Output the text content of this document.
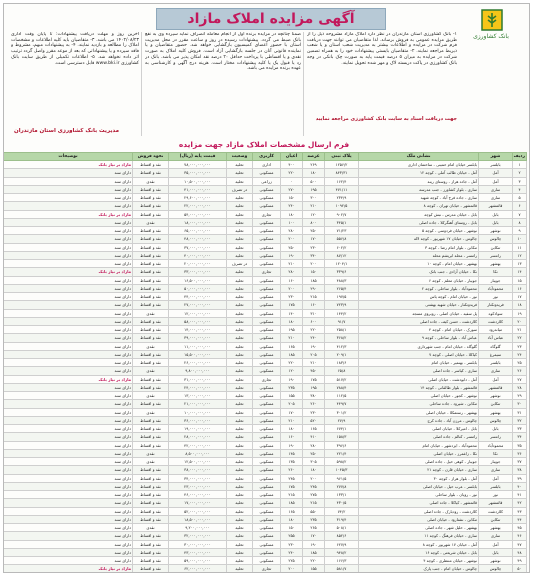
بانک کشاورزی
آگهی مزایده املاک مازاد
۱- بانک کشاورزی استان مازندران در نظر دارد املاک مازاد مشروحه ذیل را از طریق مزایده عمومی به فروش برساند. لذا متقاضیان می توانند جهت دریافت فرم شرکت در مزایده و اطلاعات بیشتر به مدیریت شعب استان و یا شعب ذیربط مراجعه نمایند. ۲- متقاضیان بایستی پیشنهادات خود را به همراه تضمین شرکت در مزایده به میزان ۵ درصد قیمت پایه به صورت چک بانکی در وجه بانک کشاورزی در پاکت دربسته لاک و مهر شده تحویل نمایند.
ضمنا چنانچه در مزایده برنده اول از انجام معامله انصراف نماید سپرده وی به نفع بانک ضبط می گردد. پیشنهادات رسیده در روز و ساعت مقرر در محل مدیریت استان با حضور اعضای کمیسیون بازگشایی خواهد شد. حضور متقاضیان و یا نماینده قانونی آنان در جلسه بازگشایی آزاد است. فروش کلیه املاک به صورت نقدی و یا اقساطی با پرداخت حداقل ۲۰ درصد نقد امکان پذیر می باشد. بانک در رد یا قبول یک یا کلیه پیشنهادات مختار است. هزینه درج آگهی و کارشناسی به عهده برنده مزایده می باشد.
آخرین روز و مهلت دریافت پیشنهادات: تا پایان وقت اداری ۱۴۰۲/۰۸/۲۳ می باشد. ۳- متقاضیان باید کلیه اطلاعات و مشخصات املاک را مطالعه و بازدید نمایند. ۴- به پیشنهادات مبهم، مشروط و فاقد سپرده و یا پیشنهاداتی که بعد از موعد مقرر واصل گردد ترتیب اثر داده نخواهد شد. ۵- اطلاعات تکمیلی از طریق سایت بانک کشاورزی www.bki.ir قابل دسترسی است.
مدیریت بانک کشاورزی استان مازندران
جهت دریافت اسناد به سایت بانک کشاورزی مراجعه نمایید
فرم ارسال مشخصات املاک مازاد جهت مزایده
ردیف	شهر	نشانی ملک	پلاک ثبتی	عرصه	اعیان	کاربری	وضعیت	قیمت پایه (ریال)	نحوه فروش	توضیحات
۱	بابلسر	بابلسر خیابان امام خمینی - ساختمان اداری	۱۲۵۶/۲	۲۶۹	۴۰۰	اداری	تخلیه	۷۸,۰۰۰,۰۰۰,۰۰۰	نقد و اقساط	مازاد بر نیاز بانک
۲	آمل	آمل - خیابان طالب آملی - کوچه ۱۲	۸۴۳/۳۱	۱۸۰	۲۲۰	مسکونی	تخلیه	۳۵,۰۰۰,۰۰۰,۰۰۰	نقد و اقساط	دارای سند
۳	آمل	آمل - جاده هراز - روستای رینه	۱۶۲/۴	۵۰۰	۰	زراعی	تخلیه	۱۰,۵۰۰,۰۰۰,۰۰۰	نقدی	دارای سند
۴	ساری	ساری - بلوار کشاورز - جنب مدرسه	۴۷۱/۱۱	۱۹۵	۲۷۰	مسکونی	در تصرف	۴۱,۰۰۰,۰۰۰,۰۰۰	نقد و اقساط	دارای سند
۵	ساری	ساری - جاده فرح آباد - کوچه شهید	۲۳۴/۹	۳۰۰	۱۵۰	مسکونی	تخلیه	۲۹,۶۰۰,۰۰۰,۰۰۰	نقد و اقساط	دارای سند
۶	قائمشهر	قائمشهر - خیابان تهران - کوچه ۸	۱۰۹۲/۵	۲۱۰	۲۴۰	مسکونی	تخلیه	۲۲,۰۰۰,۰۰۰,۰۰۰	نقد و اقساط	دارای سند
۷	بابل	بابل - خیابان مدرس - نبش کوچه	۹۰۲/۷	۱۲۰	۱۸۰	تجاری	تخلیه	۵۴,۰۰۰,۰۰۰,۰۰۰	نقد و اقساط	مازاد بر نیاز بانک
۸	بابل	بابل - روستای آهنگرکلا - جاده اصلی	۳۴۵/۱	۸۰۰	۱۰۰	مسکونی	تخلیه	۱۸,۰۰۰,۰۰۰,۰۰۰	نقدی	دارای سند
۹	نوشهر	نوشهر - خیابان فردوسی - کوچه ۵	۷۱/۲۳	۲۵۰	۲۸۰	مسکونی	تخلیه	۶۵,۰۰۰,۰۰۰,۰۰۰	نقد و اقساط	دارای سند
۱۰	چالوس	چالوس - خیابان ۱۷ شهریور - کوچه لاله	۵۵۶/۸	۱۷۰	۲۰۰	مسکونی	تخلیه	۴۸,۰۰۰,۰۰۰,۰۰۰	نقد و اقساط	دارای سند
۱۱	تنکابن	تنکابن - بلوار امام رضا - کوچه ۳	۶۰۲/۲	۲۳۰	۲۵۰	مسکونی	تخلیه	۳۷,۰۰۰,۰۰۰,۰۰۰	نقد و اقساط	دارای سند
۱۲	رامسر	رامسر - محله ابریشم محله	۸۷/۱۲	۳۴۰	۱۹۰	مسکونی	تخلیه	۴۰,۰۰۰,۰۰۰,۰۰۰	نقد و اقساط	دارای سند
۱۳	بهشهر	بهشهر - خیابان امام - کوچه ۱۰	۱۲۰۴/۱	۲۰۰	۲۱۰	مسکونی	در تصرف	۲۰,۰۰۰,۰۰۰,۰۰۰	نقد و اقساط	دارای سند
۱۴	نکا	نکا - خیابان آزادی - جنب بانک	۳۳۹/۶	۱۵۰	۲۸۰	تجاری	تخلیه	۳۳,۰۰۰,۰۰۰,۰۰۰	نقد و اقساط	مازاد بر نیاز بانک
۱۵	جویبار	جویبار - خیابان معلم - کوچه ۶	۴۸۸/۳	۱۸۵	۱۶۰	مسکونی	تخلیه	۱۶,۵۰۰,۰۰۰,۰۰۰	نقد و اقساط	دارای سند
۱۶	محمودآباد	محمودآباد - بلوار ساحلی - کوچه ۲	۲۶۵/۴	۲۹۰	۲۰۰	مسکونی	تخلیه	۵۰,۰۰۰,۰۰۰,۰۰۰	نقد و اقساط	دارای سند
۱۷	نور	نور - خیابان امام - کوچه یاس	۱۹۷/۵	۲۱۵	۲۳۰	مسکونی	تخلیه	۴۴,۰۰۰,۰۰۰,۰۰۰	نقد و اقساط	دارای سند
۱۸	فریدونکنار	فریدونکنار - خیابان شهید بهشتی	۷۲۳/۹	۱۶۰	۱۷۵	مسکونی	تخلیه	۲۷,۰۰۰,۰۰۰,۰۰۰	نقد و اقساط	دارای سند
۱۹	سوادکوه	پل سفید - خیابان اصلی - روبروی مسجد	۱۴۴/۲	۳۱۰	۱۴۰	مسکونی	تخلیه	۱۲,۰۰۰,۰۰۰,۰۰۰	نقدی	دارای سند
۲۰	کلاردشت	کلاردشت - حسن کیف - جاده اصلی	۹۱/۷	۶۰۰	۱۸۰	مسکونی	تخلیه	۵۸,۰۰۰,۰۰۰,۰۰۰	نقد و اقساط	دارای سند
۲۱	میاندرود	سورک - خیابان امام - کوچه ۴	۲۵۸/۱	۲۲۰	۱۹۵	مسکونی	تخلیه	۱۴,۰۰۰,۰۰۰,۰۰۰	نقد و اقساط	دارای سند
۲۲	عباس آباد	عباس آباد - بلوار ساحلی - کوچه ۹	۳۶۸/۲	۲۴۰	۲۱۰	مسکونی	تخلیه	۳۹,۰۰۰,۰۰۰,۰۰۰	نقد و اقساط	دارای سند
۲۳	گلوگاه	گلوگاه - خیابان امام - جنب شهرداری	۴۱۲/۳	۱۹۰	۱۶۵	مسکونی	تخلیه	۱۱,۰۰۰,۰۰۰,۰۰۰	نقدی	دارای سند
۲۴	سیمرغ	کیاکلا - خیابان اصلی - کوچه ۷	۲۰۹/۱	۲۰۵	۱۸۵	مسکونی	تخلیه	۱۵,۵۰۰,۰۰۰,۰۰۰	نقد و اقساط	دارای سند
۲۵	بابلسر	بابلسر - بهنمیر - خیابان امام	۱۸۳/۶	۲۱۰	۲۲۰	مسکونی	تخلیه	۲۶,۰۰۰,۰۰۰,۰۰۰	نقد و اقساط	دارای سند
۲۶	ساری	ساری - کیاسر - جاده اصلی	۶۵/۸	۴۵۰	۱۲۰	مسکونی	تخلیه	۹,۸۰۰,۰۰۰,۰۰۰	نقدی	دارای سند
۲۷	آمل	آمل - دابودشت - خیابان اصلی	۵۱۷/۲	۱۷۵	۱۹۰	تجاری	تخلیه	۳۱,۰۰۰,۰۰۰,۰۰۰	نقد و اقساط	مازاد بر نیاز بانک
۲۸	قائمشهر	قائمشهر - بلوار طالقانی - کوچه ۱۴	۷۸۸/۴	۱۹۵	۲۳۵	مسکونی	تخلیه	۲۴,۰۰۰,۰۰۰,۰۰۰	نقد و اقساط	دارای سند
۲۹	نوشهر	نوشهر - کجور - خیابان اصلی	۱۱۲/۵	۳۸۰	۱۵۵	مسکونی	تخلیه	۱۳,۰۰۰,۰۰۰,۰۰۰	نقدی	دارای سند
۳۰	تنکابن	تنکابن - شیرود - جاده ساحلی	۴۴۹/۷	۲۶۰	۲۰۵	مسکونی	تخلیه	۲۱,۰۰۰,۰۰۰,۰۰۰	نقد و اقساط	دارای سند
۳۱	بهشهر	بهشهر - رستمکلا - خیابان اصلی	۳۰۱/۲	۲۳۰	۱۷۰	مسکونی	تخلیه	۱۰,۰۰۰,۰۰۰,۰۰۰	نقدی	دارای سند
۳۲	چالوس	چالوس - مرزن آباد - جاده کرج	۲۷/۹	۵۲۰	۲۱۰	مسکونی	تخلیه	۳۶,۰۰۰,۰۰۰,۰۰۰	نقد و اقساط	دارای سند
۳۳	بابل	بابل - امیرکلا - خیابان اصلی	۶۷۴/۱	۱۶۵	۱۸۰	مسکونی	تخلیه	۱۹,۰۰۰,۰۰۰,۰۰۰	نقد و اقساط	دارای سند
۳۴	رامسر	رامسر - کتالم - جاده اصلی	۱۵۸/۳	۴۱۰	۱۶۰	مسکونی	تخلیه	۲۸,۰۰۰,۰۰۰,۰۰۰	نقد و اقساط	دارای سند
۳۵	محمودآباد	محمودآباد - ایزدشهر - خیابان امام	۳۹۶/۶	۲۸۰	۱۹۰	مسکونی	تخلیه	۴۲,۰۰۰,۰۰۰,۰۰۰	نقد و اقساط	دارای سند
۳۶	نکا	نکا - زاغمرز - خیابان اصلی	۲۲۱/۴	۲۵۰	۱۴۵	مسکونی	تخلیه	۸,۵۰۰,۰۰۰,۰۰۰	نقدی	دارای سند
۳۷	جویبار	جویبار - کوهی خیل - جاده اصلی	۵۹۸/۲	۳۰۵	۱۳۵	مسکونی	تخلیه	۱۲,۵۰۰,۰۰۰,۰۰۰	نقدی	دارای سند
۳۸	ساری	ساری - خیابان قارن - کوچه ۲۱	۱۰۴۵/۳	۱۸۰	۲۶۰	مسکونی	تخلیه	۳۸,۰۰۰,۰۰۰,۰۰۰	نقد و اقساط	دارای سند
۳۹	آمل	آمل - بلوار هراز - کوچه ۳۰	۹۶۱/۵	۲۰۰	۲۴۵	مسکونی	تخلیه	۳۴,۰۰۰,۰۰۰,۰۰۰	نقد و اقساط	دارای سند
۴۰	بابلسر	بابلسر - عرب خیل - خیابان اصلی	۲۷۷/۸	۲۴۵	۱۷۵	مسکونی	تخلیه	۲۳,۰۰۰,۰۰۰,۰۰۰	نقد و اقساط	دارای سند
۴۱	نور	نور - رویان - بلوار ساحلی	۱۳۳/۱	۲۷۵	۲۱۵	مسکونی	تخلیه	۴۶,۰۰۰,۰۰۰,۰۰۰	نقد و اقساط	دارای سند
۴۲	قائمشهر	قائمشهر - کیاکلا - جاده اصلی	۴۳۰/۵	۲۱۵	۱۸۵	مسکونی	تخلیه	۱۷,۰۰۰,۰۰۰,۰۰۰	نقد و اقساط	دارای سند
۴۳	کلاردشت	کلاردشت - رودبارک - جاده اصلی	۷۴/۲	۵۵۰	۱۶۵	مسکونی	تخلیه	۵۲,۰۰۰,۰۰۰,۰۰۰	نقد و اقساط	دارای سند
۴۴	تنکابن	تنکابن - نشتارود - خیابان اصلی	۳۱۹/۴	۲۳۵	۱۸۰	مسکونی	تخلیه	۱۸,۵۰۰,۰۰۰,۰۰۰	نقد و اقساط	دارای سند
۴۵	بهشهر	بهشهر - خلیل شهر - جاده اصلی	۵۰۸/۱	۲۶۵	۱۵۰	مسکونی	تخلیه	۹,۲۰۰,۰۰۰,۰۰۰	نقدی	دارای سند
۴۶	ساری	ساری - خیابان فرهنگ - کوچه ۱۱	۸۵۲/۶	۱۷۰	۲۵۵	مسکونی	تخلیه	۳۲,۰۰۰,۰۰۰,۰۰۰	نقد و اقساط	دارای سند
۴۷	آمل	آمل - خیابان ۱۷ شهریور - کوچه ۸	۶۲۷/۹	۱۹۰	۲۳۰	مسکونی	تخلیه	۳۰,۰۰۰,۰۰۰,۰۰۰	نقد و اقساط	دارای سند
۴۸	بابل	بابل - خیابان شریعتی - کوچه ۱۶	۹۴۸/۲	۱۸۵	۲۴۰	مسکونی	تخلیه	۴۳,۰۰۰,۰۰۰,۰۰۰	نقد و اقساط	دارای سند
۴۹	نوشهر	نوشهر - خیابان منتظری - کوچه ۴	۱۶۶/۳	۲۲۰	۲۲۵	مسکونی	تخلیه	۵۹,۰۰۰,۰۰۰,۰۰۰	نقد و اقساط	دارای سند
۵۰	چالوس	چالوس - خیابان امام - جنب پارک	۵۸۱/۷	۱۵۵	۲۰۰	تجاری	تخلیه	۶۲,۰۰۰,۰۰۰,۰۰۰	نقد و اقساط	مازاد بر نیاز بانک
